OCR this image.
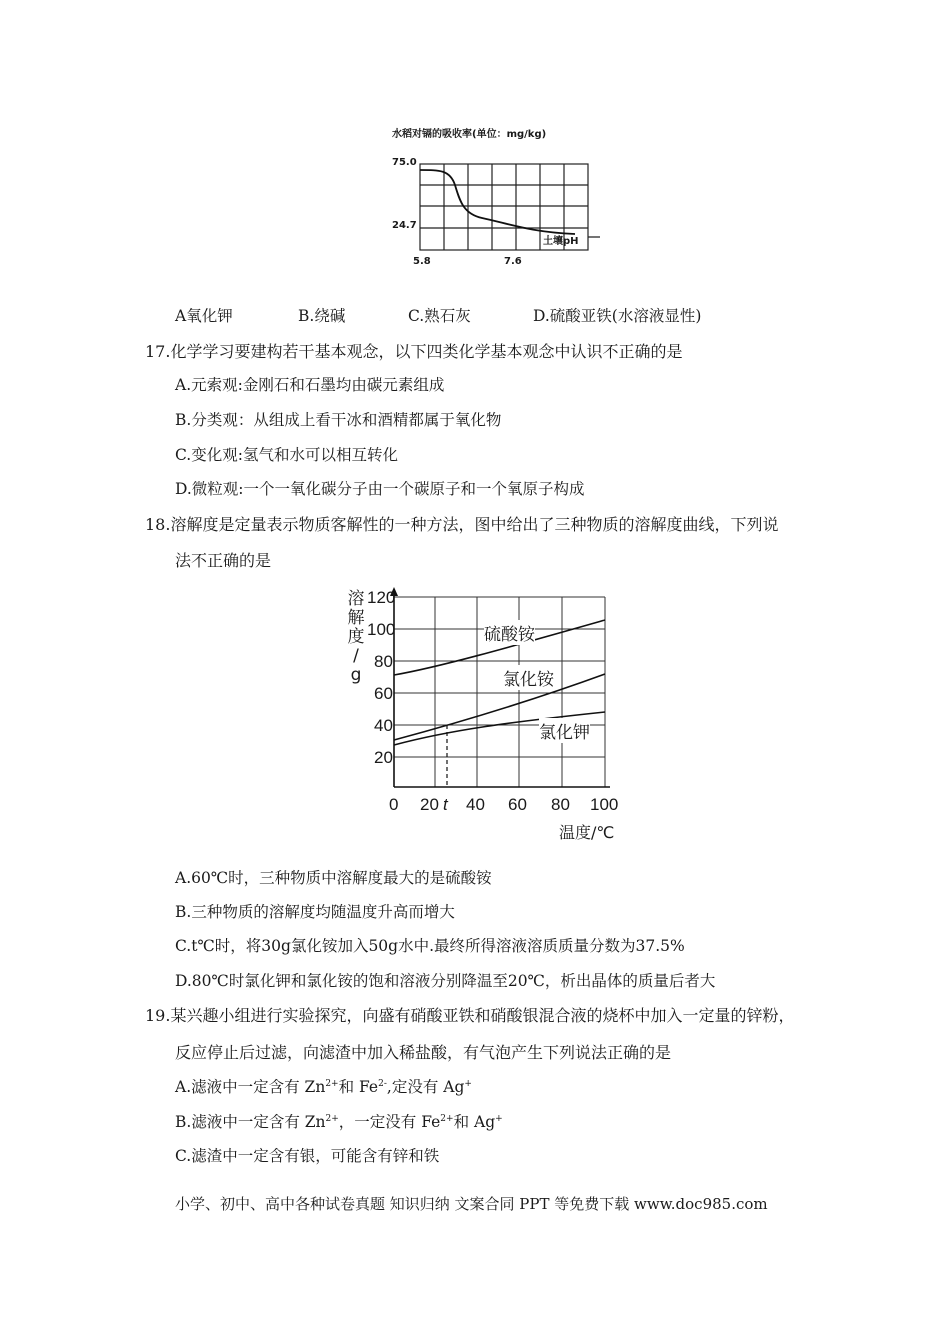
水稻对镉的吸收率(单位：mg/kg)
75.0
24.7
5.8	7.6
土壤pH
A氧化钾	B.绕碱	C.熟石灰	D.硫酸亚铁(水溶液显性)
17.化学学习要建构若干基本观念，以下四类化学基本观念中认识不正确的是
A.元索观:金刚石和石墨均由碳元素组成
B.分类观：从组成上看干冰和酒精都属于氧化物
C.变化观:氢气和水可以相互转化
D.微粒观:一个一氧化碳分子由一个碳原子和一个氧原子构成
18.溶解度是定量表示物质客解性的一种方法，图中给出了三种物质的溶解度曲线，下列说
法不正确的是
溶
解
度
/
g
120
100
80
60
40
20
0 20 t 40 60 80 100
温度/℃
硫酸铵
氯化铵
氯化钾
A.60℃时，三种物质中溶解度最大的是硫酸铵
B.三种物质的溶解度均随温度升高而增大
C.t℃时，将30g氯化铵加入50g水中.最终所得溶液溶质质量分数为37.5%
D.80℃时氯化钾和氯化铵的饱和溶液分别降温至20℃，析出晶体的质量后者大
19.某兴趣小组进行实验探究，向盛有硝酸亚铁和硝酸银混合液的烧杯中加入一定量的锌粉，
反应停止后过滤，向滤渣中加入稀盐酸，有气泡产生下列说法正确的是
A.滤液中一定含有 $Zn^{2+}$和 $Fe^{2-}$,定没有 Ag+
B.滤液中一定含有 $Zn^{2+}$，一定没有 $Fe^{2+}$和 Ag+
C.滤渣中一定含有银，可能含有锌和铁
小学、初中、高中各种试卷真题 知识归纳 文案合同 PPT 等免费下载 www.doc985.com
